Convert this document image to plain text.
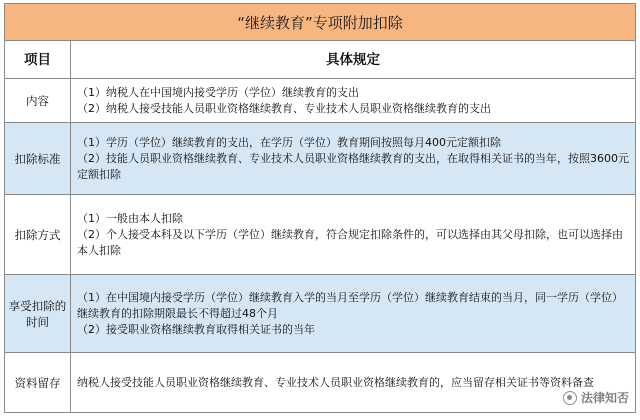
“继续教育”专项附加扣除
项目	具体规定
内容

（1）纳税人在中国境内接受学历（学位）继续教育的支出

（2）纳税人接受技能人员职业资格继续教育、专业技术人员职业资格继续教育的支出

扣除标准

（1）学历（学位）继续教育的支出，在学历（学位）教育期间按照每月400元定额扣除

（2）技能人员职业资格继续教育、专业技术人员职业资格继续教育的支出，在取得相关证书的当年，按照3600元定额扣除

扣除方式

（1）一般由本人扣除

（2）个人接受本科及以下学历（学位）继续教育，符合规定扣除条件的，可以选择由其父母扣除，也可以选择由本人扣除

享受扣除的时间

（1）在中国境内接受学历（学位）继续教育入学的当月至学历（学位）继续教育结束的当月，同一学历（学位）继续教育的扣除期限最长不得超过48个月

（2）接受职业资格继续教育取得相关证书的当年

资料留存	纳税人接受技能人员职业资格继续教育、专业技术人员职业资格继续教育的，应当留存相关证书等资料备查

法律知否
